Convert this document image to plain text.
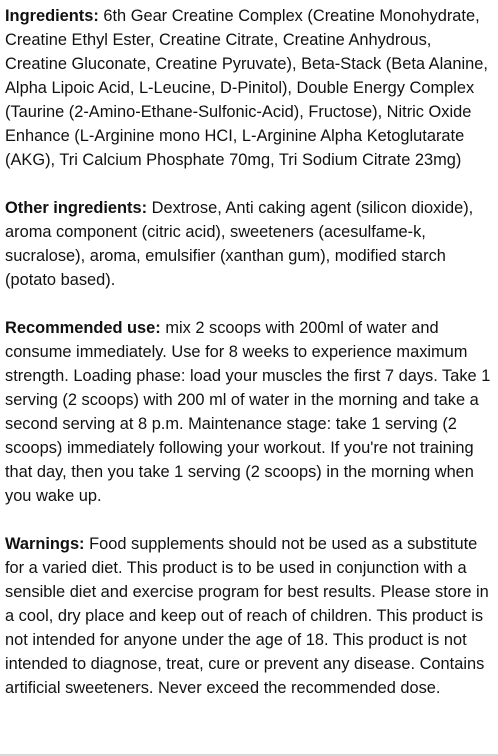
Ingredients: 6th Gear Creatine Complex (Creatine Monohydrate, Creatine Ethyl Ester, Creatine Citrate, Creatine Anhydrous, Creatine Gluconate, Creatine Pyruvate), Beta-Stack (Beta Alanine, Alpha Lipoic Acid, L-Leucine, D-Pinitol), Double Energy Complex (Taurine (2-Amino-Ethane-Sulfonic-Acid), Fructose), Nitric Oxide Enhance (L-Arginine mono HCI, L-Arginine Alpha Ketoglutarate (AKG), Tri Calcium Phosphate 70mg, Tri Sodium Citrate 23mg)

Other ingredients: Dextrose, Anti caking agent (silicon dioxide), aroma component (citric acid), sweeteners (acesulfame-k, sucralose), aroma, emulsifier (xanthan gum), modified starch (potato based).

Recommended use: mix 2 scoops with 200ml of water and consume immediately. Use for 8 weeks to experience maximum strength. Loading phase: load your muscles the first 7 days. Take 1 serving (2 scoops) with 200 ml of water in the morning and take a second serving at 8 p.m. Maintenance stage: take 1 serving (2 scoops) immediately following your workout. If you're not training that day, then you take 1 serving (2 scoops) in the morning when you wake up.

Warnings: Food supplements should not be used as a substitute for a varied diet. This product is to be used in conjunction with a sensible diet and exercise program for best results. Please store in a cool, dry place and keep out of reach of children. This product is not intended for anyone under the age of 18. This product is not intended to diagnose, treat, cure or prevent any disease. Contains artificial sweeteners. Never exceed the recommended dose.
